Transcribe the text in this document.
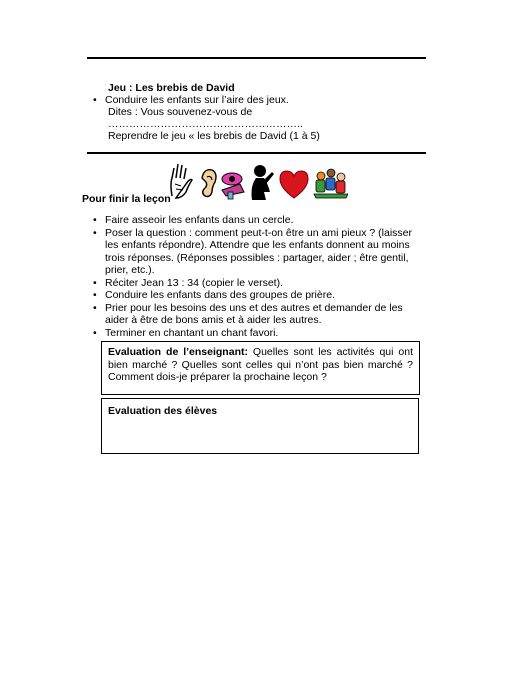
Jeu : Les brebis de David
• Conduire les enfants sur l’aire des jeux.
Dites : Vous souvenez-vous de
………………………………………………..
Reprendre le jeu « les brebis de David (1 à 5)
Pour finir la leçon
• Faire asseoir les enfants dans un cercle.
• Poser la question : comment peut-t-on être un ami pieux ? (laisser les enfants répondre). Attendre que les enfants donnent au moins trois réponses. (Réponses possibles : partager, aider ; être gentil, prier, etc.).
• Réciter Jean 13 : 34 (copier le verset).
• Conduire les enfants dans des groupes de prière.
• Prier pour les besoins des uns et des autres et demander de les aider à être de bons amis et à aider les autres.
• Terminer en chantant un chant favori.
Evaluation de l’enseignant: Quelles sont les activités qui ont bien marché ? Quelles sont celles qui n’ont pas bien marché ? Comment dois-je préparer la prochaine leçon ?
Evaluation des élèves
